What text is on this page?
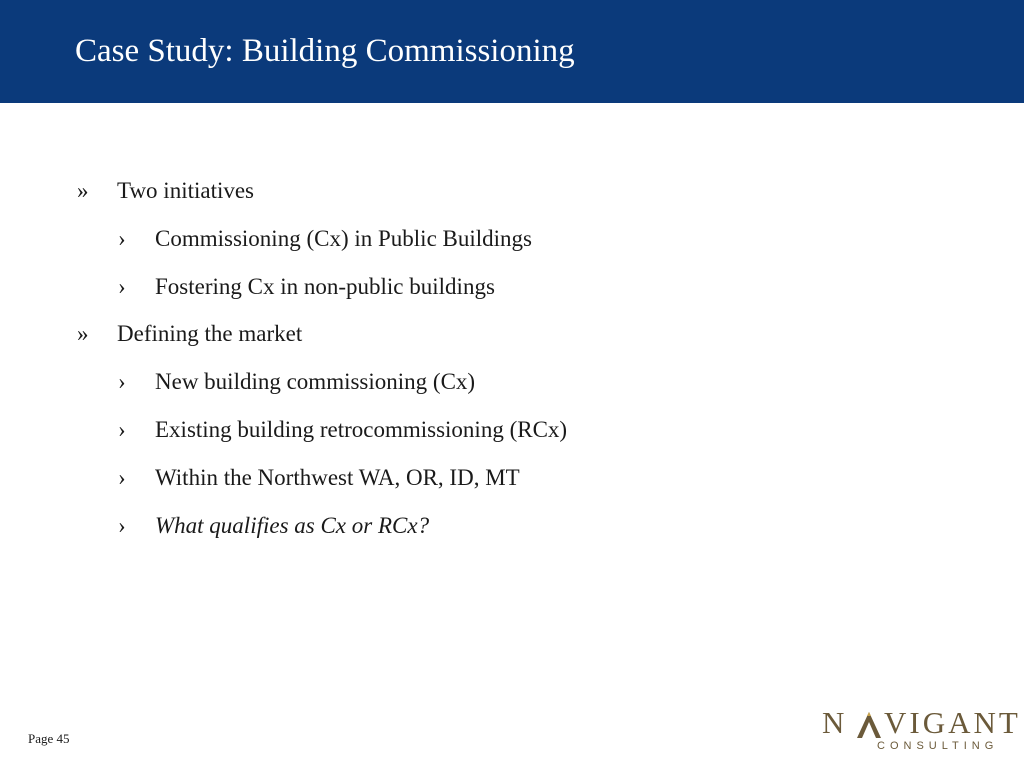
Case Study: Building Commissioning
» Two initiatives
› Commissioning (Cx) in Public Buildings
› Fostering Cx in non-public buildings
» Defining the market
› New building commissioning (Cx)
› Existing building retrocommissioning (RCx)
› Within the Northwest WA, OR, ID, MT
› What qualifies as Cx or RCx?
Page 45	N VIGANT
CONSULTING
